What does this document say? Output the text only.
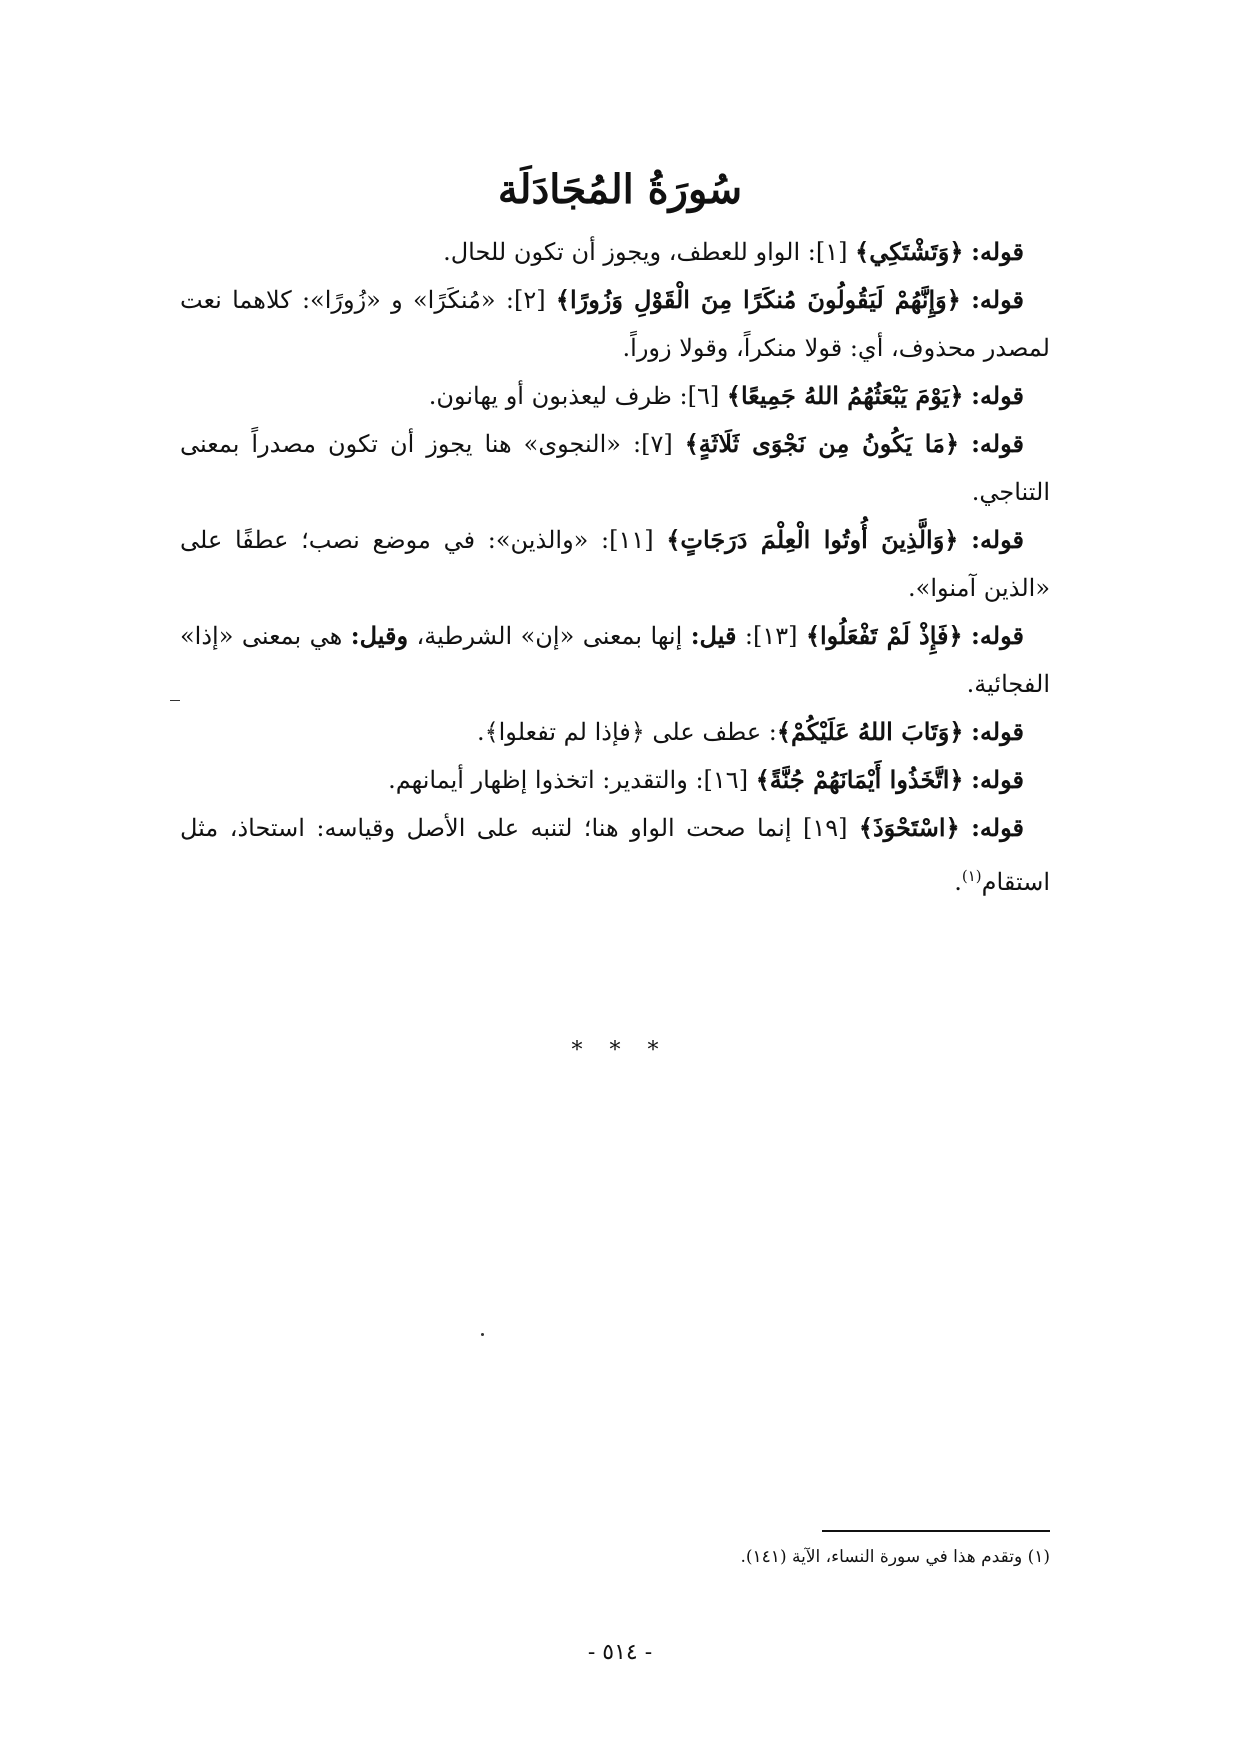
سُورَةُ المُجَادَلَة

قوله: ﴿وَتَشْتَكِي﴾ [١]: الواو للعطف، ويجوز أن تكون للحال.

قوله: ﴿وَإِنَّهُمْ لَيَقُولُونَ مُنكَرًا مِنَ الْقَوْلِ وَزُورًا﴾ [٢]: «مُنكَرًا» و «زُورًا»: كلاهما نعت لمصدر محذوف، أي: قولا منكراً، وقولا زوراً.

قوله: ﴿يَوْمَ يَبْعَثُهُمُ اللهُ جَمِيعًا﴾ [٦]: ظرف ليعذبون أو يهانون.

قوله: ﴿مَا يَكُونُ مِن نَجْوَى ثَلَاثَةٍ﴾ [٧]: «النجوى» هنا يجوز أن تكون مصدراً بمعنى التناجي.

قوله: ﴿وَالَّذِينَ أُوتُوا الْعِلْمَ دَرَجَاتٍ﴾ [١١]: «والذين»: في موضع نصب؛ عطفًا على «الذين آمنوا».

قوله: ﴿فَإِذْ لَمْ تَفْعَلُوا﴾ [١٣]: قيل: إنها بمعنى «إن» الشرطية، وقيل: هي بمعنى «إذا» الفجائية.

قوله: ﴿وَتَابَ اللهُ عَلَيْكُمْ﴾: عطف على ﴿فإذا لم تفعلوا﴾.

قوله: ﴿اتَّخَذُوا أَيْمَانَهُمْ جُنَّةً﴾ [١٦]: والتقدير: اتخذوا إظهار أيمانهم.

قوله: ﴿اسْتَحْوَذَ﴾ [١٩] إنما صحت الواو هنا؛ لتنبه على الأصل وقياسه: استحاذ، مثل استقام$^{(١)}$.

* * *
(١) وتقدم هذا في سورة النساء، الآية (١٤١).
- ٥١٤ -
